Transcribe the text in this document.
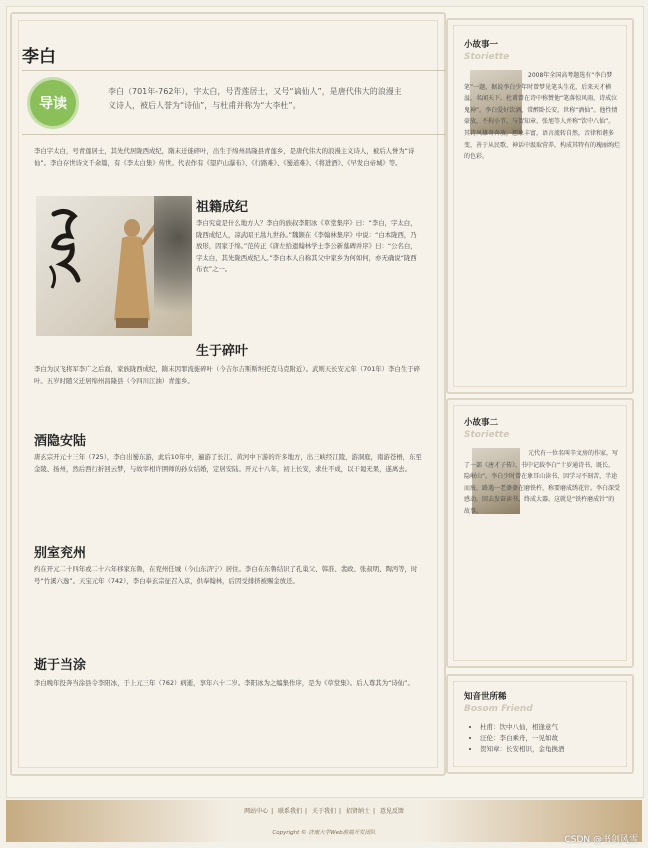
李白
导读
李白（701年-762年），字太白，号青莲居士，又号“谪仙人”，是唐代伟大的浪漫主义诗人，被后人誉为“诗仙”，与杜甫并称为“大李杜”。
李白字太白，号青莲居士，其先代居陇西成纪，隋末迁徙碎叶，出生于绵州昌隆县青莲乡，是唐代伟大的浪漫主义诗人，被后人誉为“诗仙”。李白存世诗文千余篇，有《李太白集》传世。代表作有《望庐山瀑布》、《行路难》、《蜀道难》、《将进酒》、《早发白帝城》等。
祖籍成纪
李白究竟是什么地方人？李白的族叔李阳冰《草堂集序》曰：“李白，字太白，陇西成纪人，凉武昭王暠九世孙。”魏颢在《李翰林集序》中说：“白本陇西，乃放形，因家于绵。”范传正《唐左拾遗翰林学士李公新墓碑并序》曰：“公名白，字太白，其先陇西成纪人。”李白本人自称其父中家乡为何如何，亦无确说“陇西布衣”之一。
生于碎叶
李白为汉飞将军李广之后裔，家族陇西成纪，隋末因罪流徙碎叶（今吉尔吉斯斯坦托克马克附近）。武则天长安元年（701年）李白生于碎叶。五岁时随父迁居绵州昌隆县（今四川江油）青莲乡。
酒隐安陆
唐玄宗开元十三年（725），李白出蜀东游，此后10年中，遍游了长江、黄河中下游的许多地方，出三峡经江陵，游洞庭，南游苍梧，东至金陵、扬州，然后西行折回云梦，与故宰相许圉师的孙女结婚，定居安陆。开元十八年，初上长安，求仕不成，以干谒无果，遂离去。
别室兖州
约在开元二十四年或二十六年移家东鲁，在兖州任城（今山东济宁）居住。李白在东鲁结识了孔巢父、韩准、裴政、张叔明、陶沔等，时号“竹溪六逸”。天宝元年（742），李白奉玄宗征召入京，供奉翰林，后因受排挤被赐金放还。
逝于当涂
李白晚年投奔当涂县令李阳冰，于上元三年（762）病逝，享年六十二岁。李阳冰为之编集作序，是为《草堂集》。后人尊其为“诗仙”。
小故事一
Storiette
2008年全国高考题选有“李白梦笔”一题，据说李白少年时曾梦见笔头生花，后来天才横溢，名闻天下。杜甫曾在诗中称赞他“笔落惊风雨，诗成泣鬼神”。李白爱好饮酒，常醉卧长安，世称“酒仙”。他性情豪放，不拘小节，与贺知章、张旭等人并称“饮中八仙”。其诗风雄奇奔放，想象丰富，语言流转自然，音律和谐多变，善于从民歌、神话中汲取营养，构成其特有的瑰丽绚烂的色彩。
小故事二
Storiette
元代有一位名叫辛文房的作家，写了一部《唐才子传》，书中记载李白“十岁通诗书，既长，隐岷山”。李白少时曾在象耳山读书，因学习不刻苦，半途而废，路遇一老婆婆在磨铁杵，称要磨成绣花针。李白深受感动，回去发奋读书，终成大器。这就是“铁杵磨成针”的故事。
知音世所稀
Bosom Friend
• 杜甫：饮中八仙，相逢意气
• 汪伦：李白乘舟，一见如故
• 贺知章：长安相识，金龟换酒
网站中心 | 联系我们 | 关于我们 | 招贤纳士 | 意见反馈
Copyright © 济南大学Web前端开发团队
CSDN @书剑风雪
